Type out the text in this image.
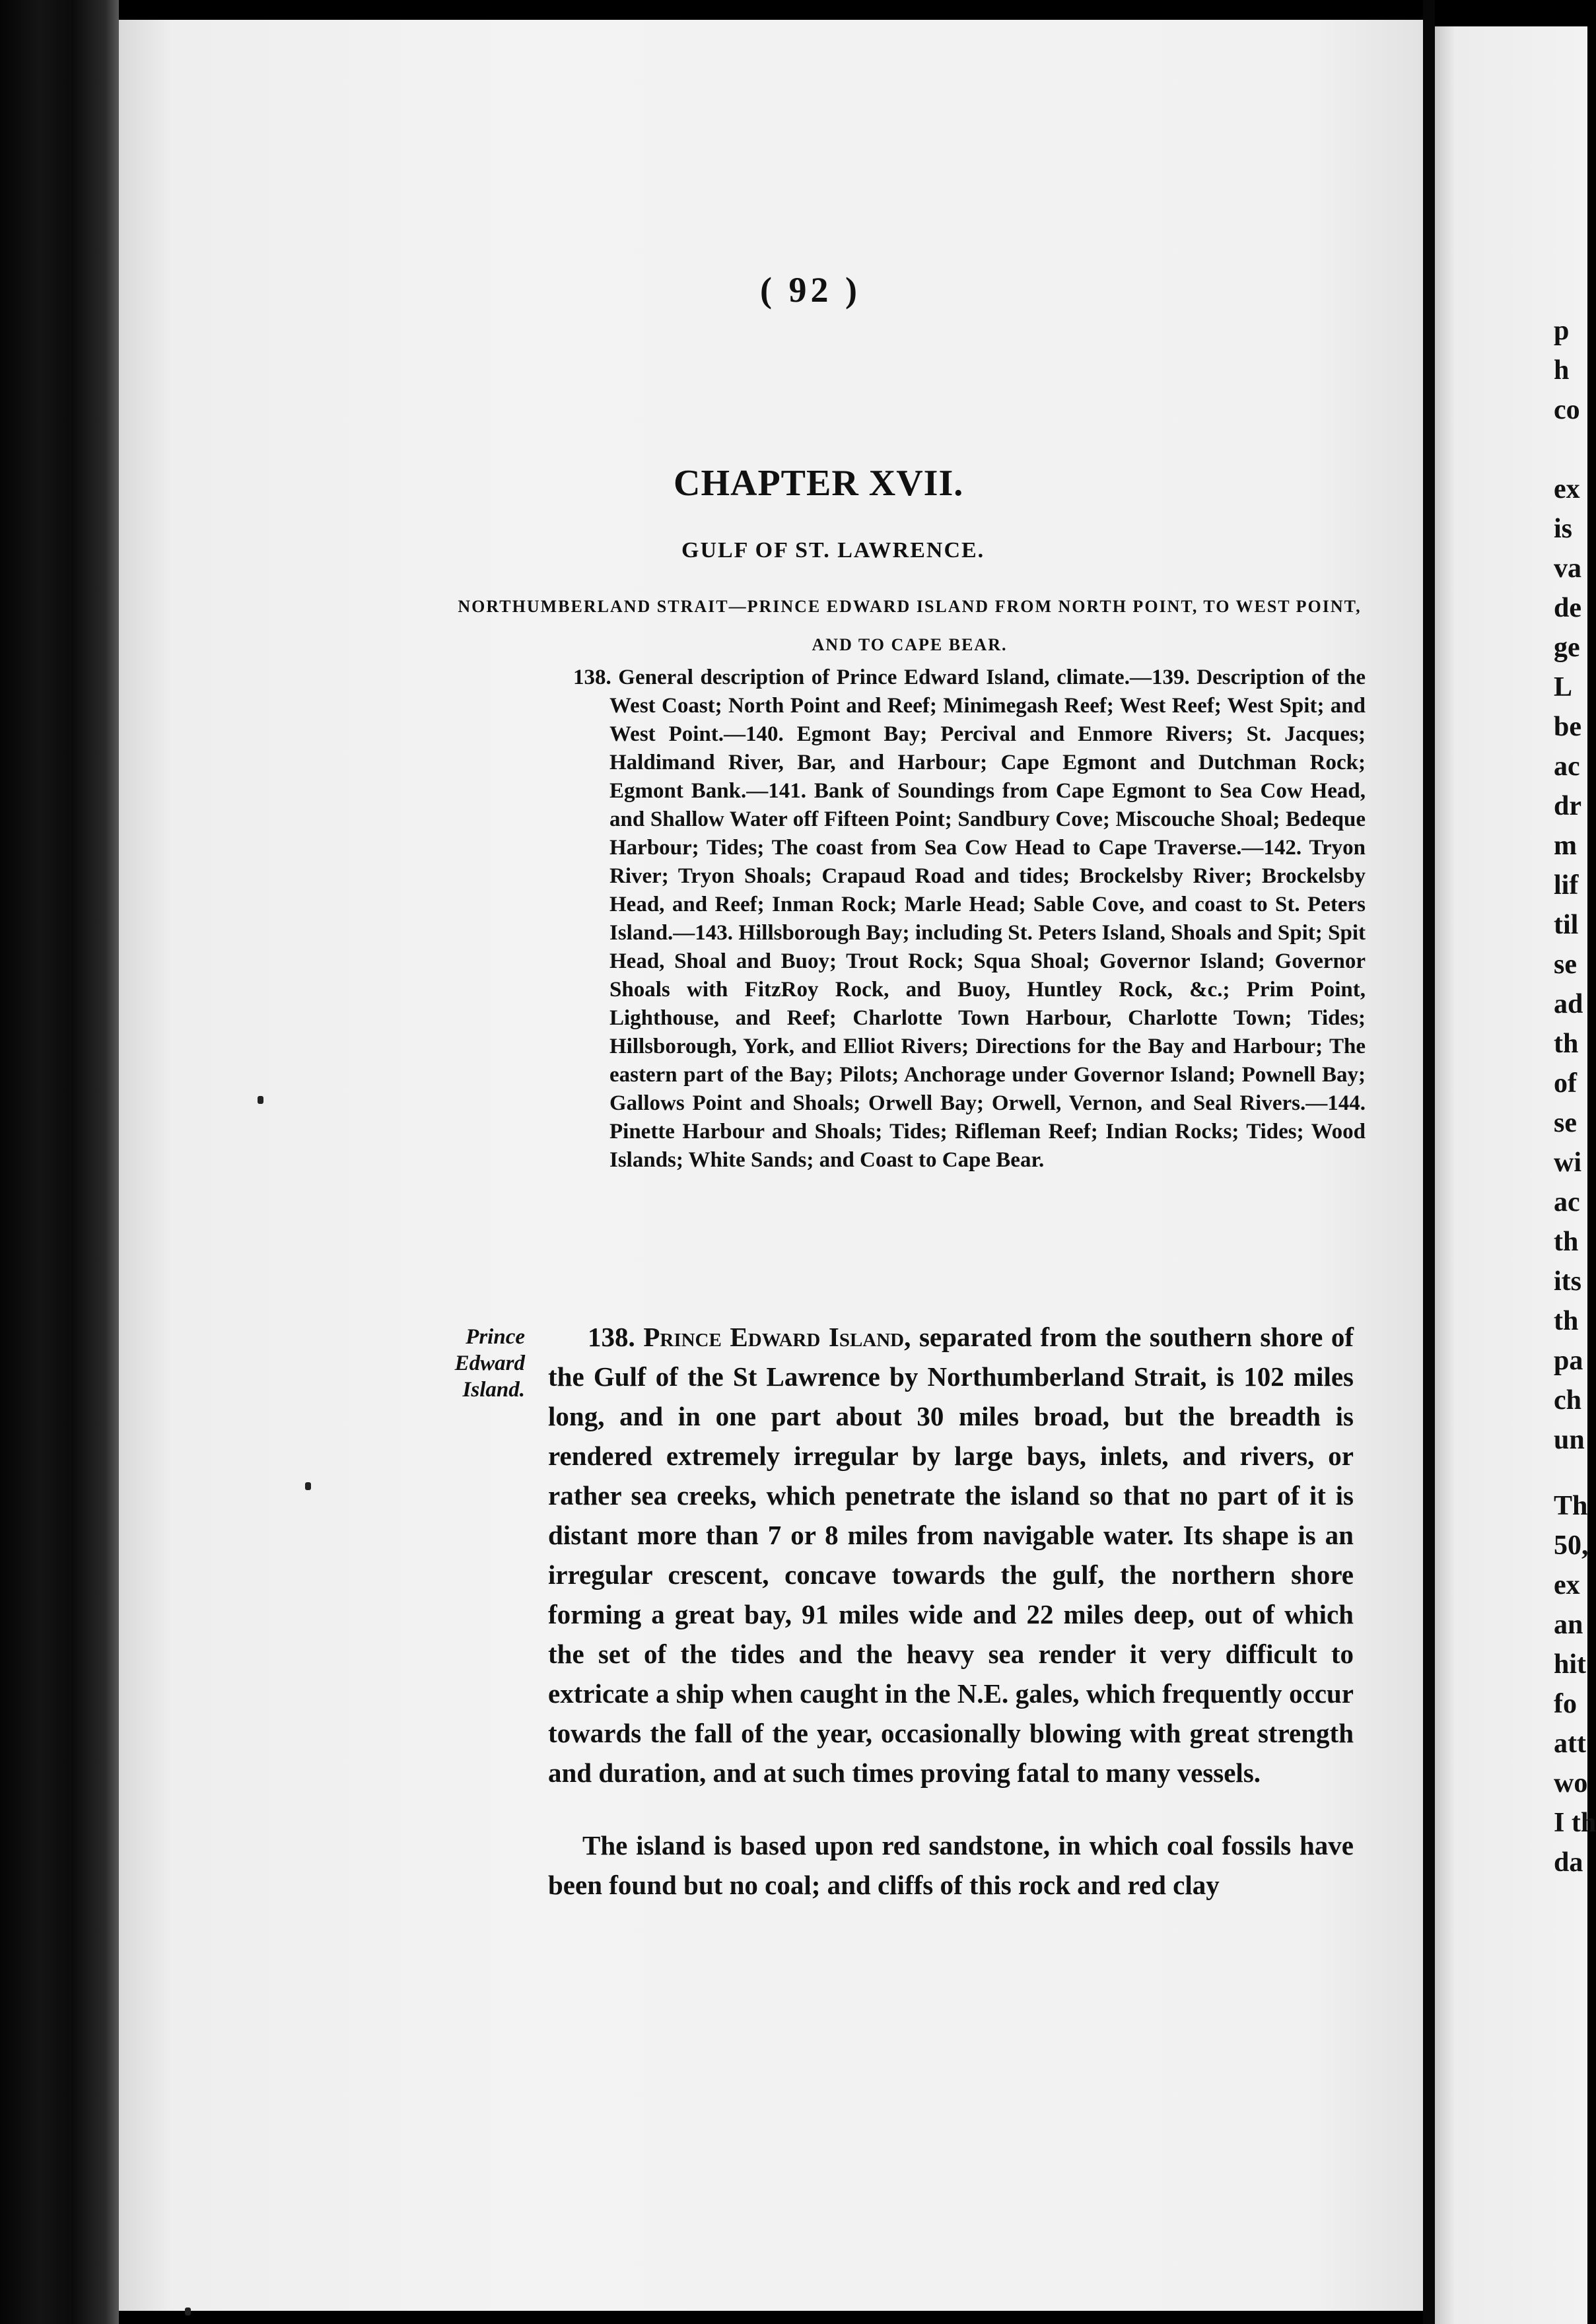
( 92 )
CHAPTER XVII.
GULF OF ST. LAWRENCE.
NORTHUMBERLAND STRAIT—PRINCE EDWARD ISLAND FROM NORTH POINT, TO WEST POINT, AND TO CAPE BEAR.
138. General description of Prince Edward Island, climate.—139. Description of the West Coast; North Point and Reef; Minimegash Reef; West Reef; West Spit; and West Point.—140. Egmont Bay; Percival and Enmore Rivers; St. Jacques; Haldimand River, Bar, and Harbour; Cape Egmont and Dutchman Rock; Egmont Bank.—141. Bank of Soundings from Cape Egmont to Sea Cow Head, and Shallow Water off Fifteen Point; Sandbury Cove; Miscouche Shoal; Bedeque Harbour; Tides; The coast from Sea Cow Head to Cape Traverse.—142. Tryon River; Tryon Shoals; Crapaud Road and tides; Brockelsby River; Brockelsby Head, and Reef; Inman Rock; Marle Head; Sable Cove, and coast to St. Peters Island.—143. Hillsborough Bay; including St. Peters Island, Shoals and Spit; Spit Head, Shoal and Buoy; Trout Rock; Squa Shoal; Governor Island; Governor Shoals with FitzRoy Rock, and Buoy, Huntley Rock, &c.; Prim Point, Lighthouse, and Reef; Charlotte Town Harbour, Charlotte Town; Tides; Hillsborough, York, and Elliot Rivers; Directions for the Bay and Harbour; The eastern part of the Bay; Pilots; Anchorage under Governor Island; Pownell Bay; Gallows Point and Shoals; Orwell Bay; Orwell, Vernon, and Seal Rivers.—144. Pinette Harbour and Shoals; Tides; Rifleman Reef; Indian Rocks; Tides; Wood Islands; White Sands; and Coast to Cape Bear.
Prince Edward Island.
138. Prince Edward Island, separated from the southern shore of the Gulf of the St Lawrence by Northumberland Strait, is 102 miles long, and in one part about 30 miles broad, but the breadth is rendered extremely irregular by large bays, inlets, and rivers, or rather sea creeks, which penetrate the island so that no part of it is distant more than 7 or 8 miles from navigable water. Its shape is an irregular crescent, concave towards the gulf, the northern shore forming a great bay, 91 miles wide and 22 miles deep, out of which the set of the tides and the heavy sea render it very difficult to extricate a ship when caught in the N.E. gales, which frequently occur towards the fall of the year, occasionally blowing with great strength and duration, and at such times proving fatal to many vessels.
The island is based upon red sandstone, in which coal fossils have been found but no coal; and cliffs of this rock and red clay
p
h
co
ex
is
va
de
ge
L
be
ac
dr
m
lif
til
se
ad
th
of
se
wi
ac
th
its
th
pa
ch
un
Th
50,
ex
an
hit
fo
att
wo
I th
da
